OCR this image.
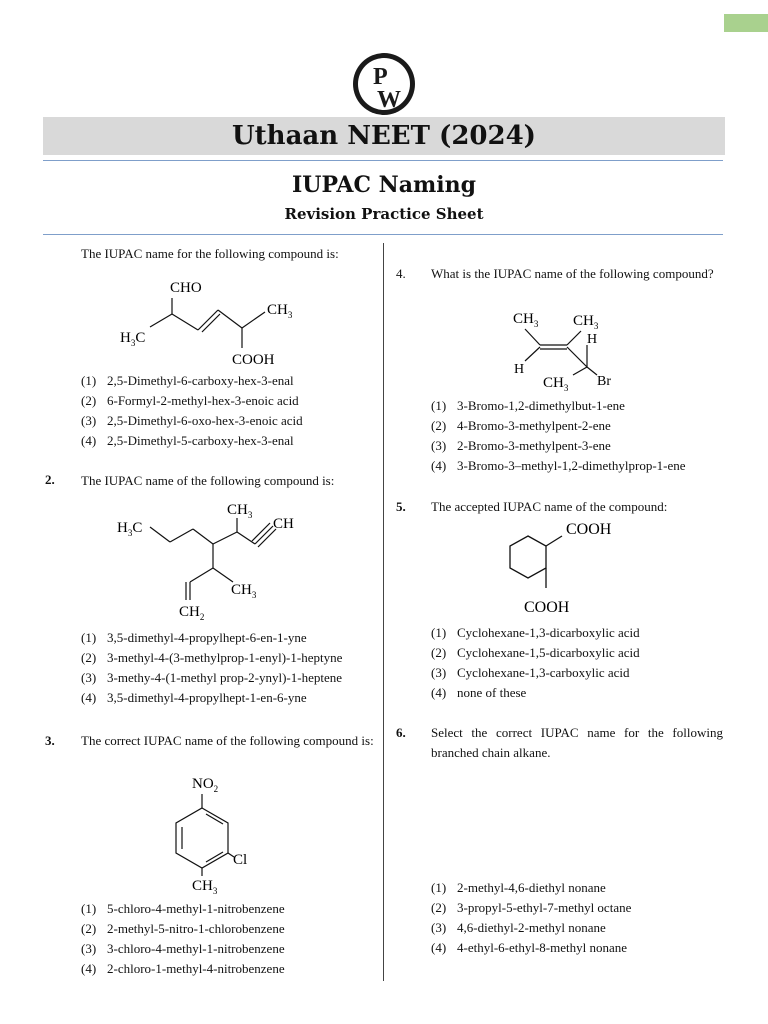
P
W
Uthaan NEET (2024)
IUPAC Naming
Revision Practice Sheet
The IUPAC name for the following compound is:
CHO
$H_3C$
$CH_3$
COOH
(1) 2,5-Dimethyl-6-carboxy-hex-3-enal
(2) 6-Formyl-2-methyl-hex-3-enoic acid
(3) 2,5-Dimethyl-6-oxo-hex-3-enoic acid
(4) 2,5-Dimethyl-5-carboxy-hex-3-enal
2. The IUPAC name of the following compound is:
$CH_3$
$H_3C$	CH
$CH_3$
$CH_2$
(1) 3,5-dimethyl-4-propylhept-6-en-1-yne
(2) 3-methyl-4-(3-methylprop-1-enyl)-1-heptyne
(3) 3-methy-4-(1-methyl prop-2-ynyl)-1-heptene
(4) 3,5-dimethyl-4-propylhept-1-en-6-yne
3. The correct IUPAC name of the following compound is:
$NO_2$
Cl
$CH_3$
(1) 5-chloro-4-methyl-1-nitrobenzene
(2) 2-methyl-5-nitro-1-chlorobenzene
(3) 3-chloro-4-methyl-1-nitrobenzene
(4) 2-chloro-1-methyl-4-nitrobenzene
4. What is the IUPAC name of the following compound?
$CH_3$ $CH_3$
H
H
$CH_3$ Br
(1) 3-Bromo-1,2-dimethylbut-1-ene
(2) 4-Bromo-3-methylpent-2-ene
(3) 2-Bromo-3-methylpent-3-ene
(4) 3-Bromo-3–methyl-1,2-dimethylprop-1-ene
5. The accepted IUPAC name of the compound:
COOH
COOH
(1) Cyclohexane-1,3-dicarboxylic acid
(2) Cyclohexane-1,5-dicarboxylic acid
(3) Cyclohexane-1,3-carboxylic acid
(4) none of these
6. Select the correct IUPAC name for the following branched chain alkane.
(1) 2-methyl-4,6-diethyl nonane
(2) 3-propyl-5-ethyl-7-methyl octane
(3) 4,6-diethyl-2-methyl nonane
(4) 4-ethyl-6-ethyl-8-methyl nonane
